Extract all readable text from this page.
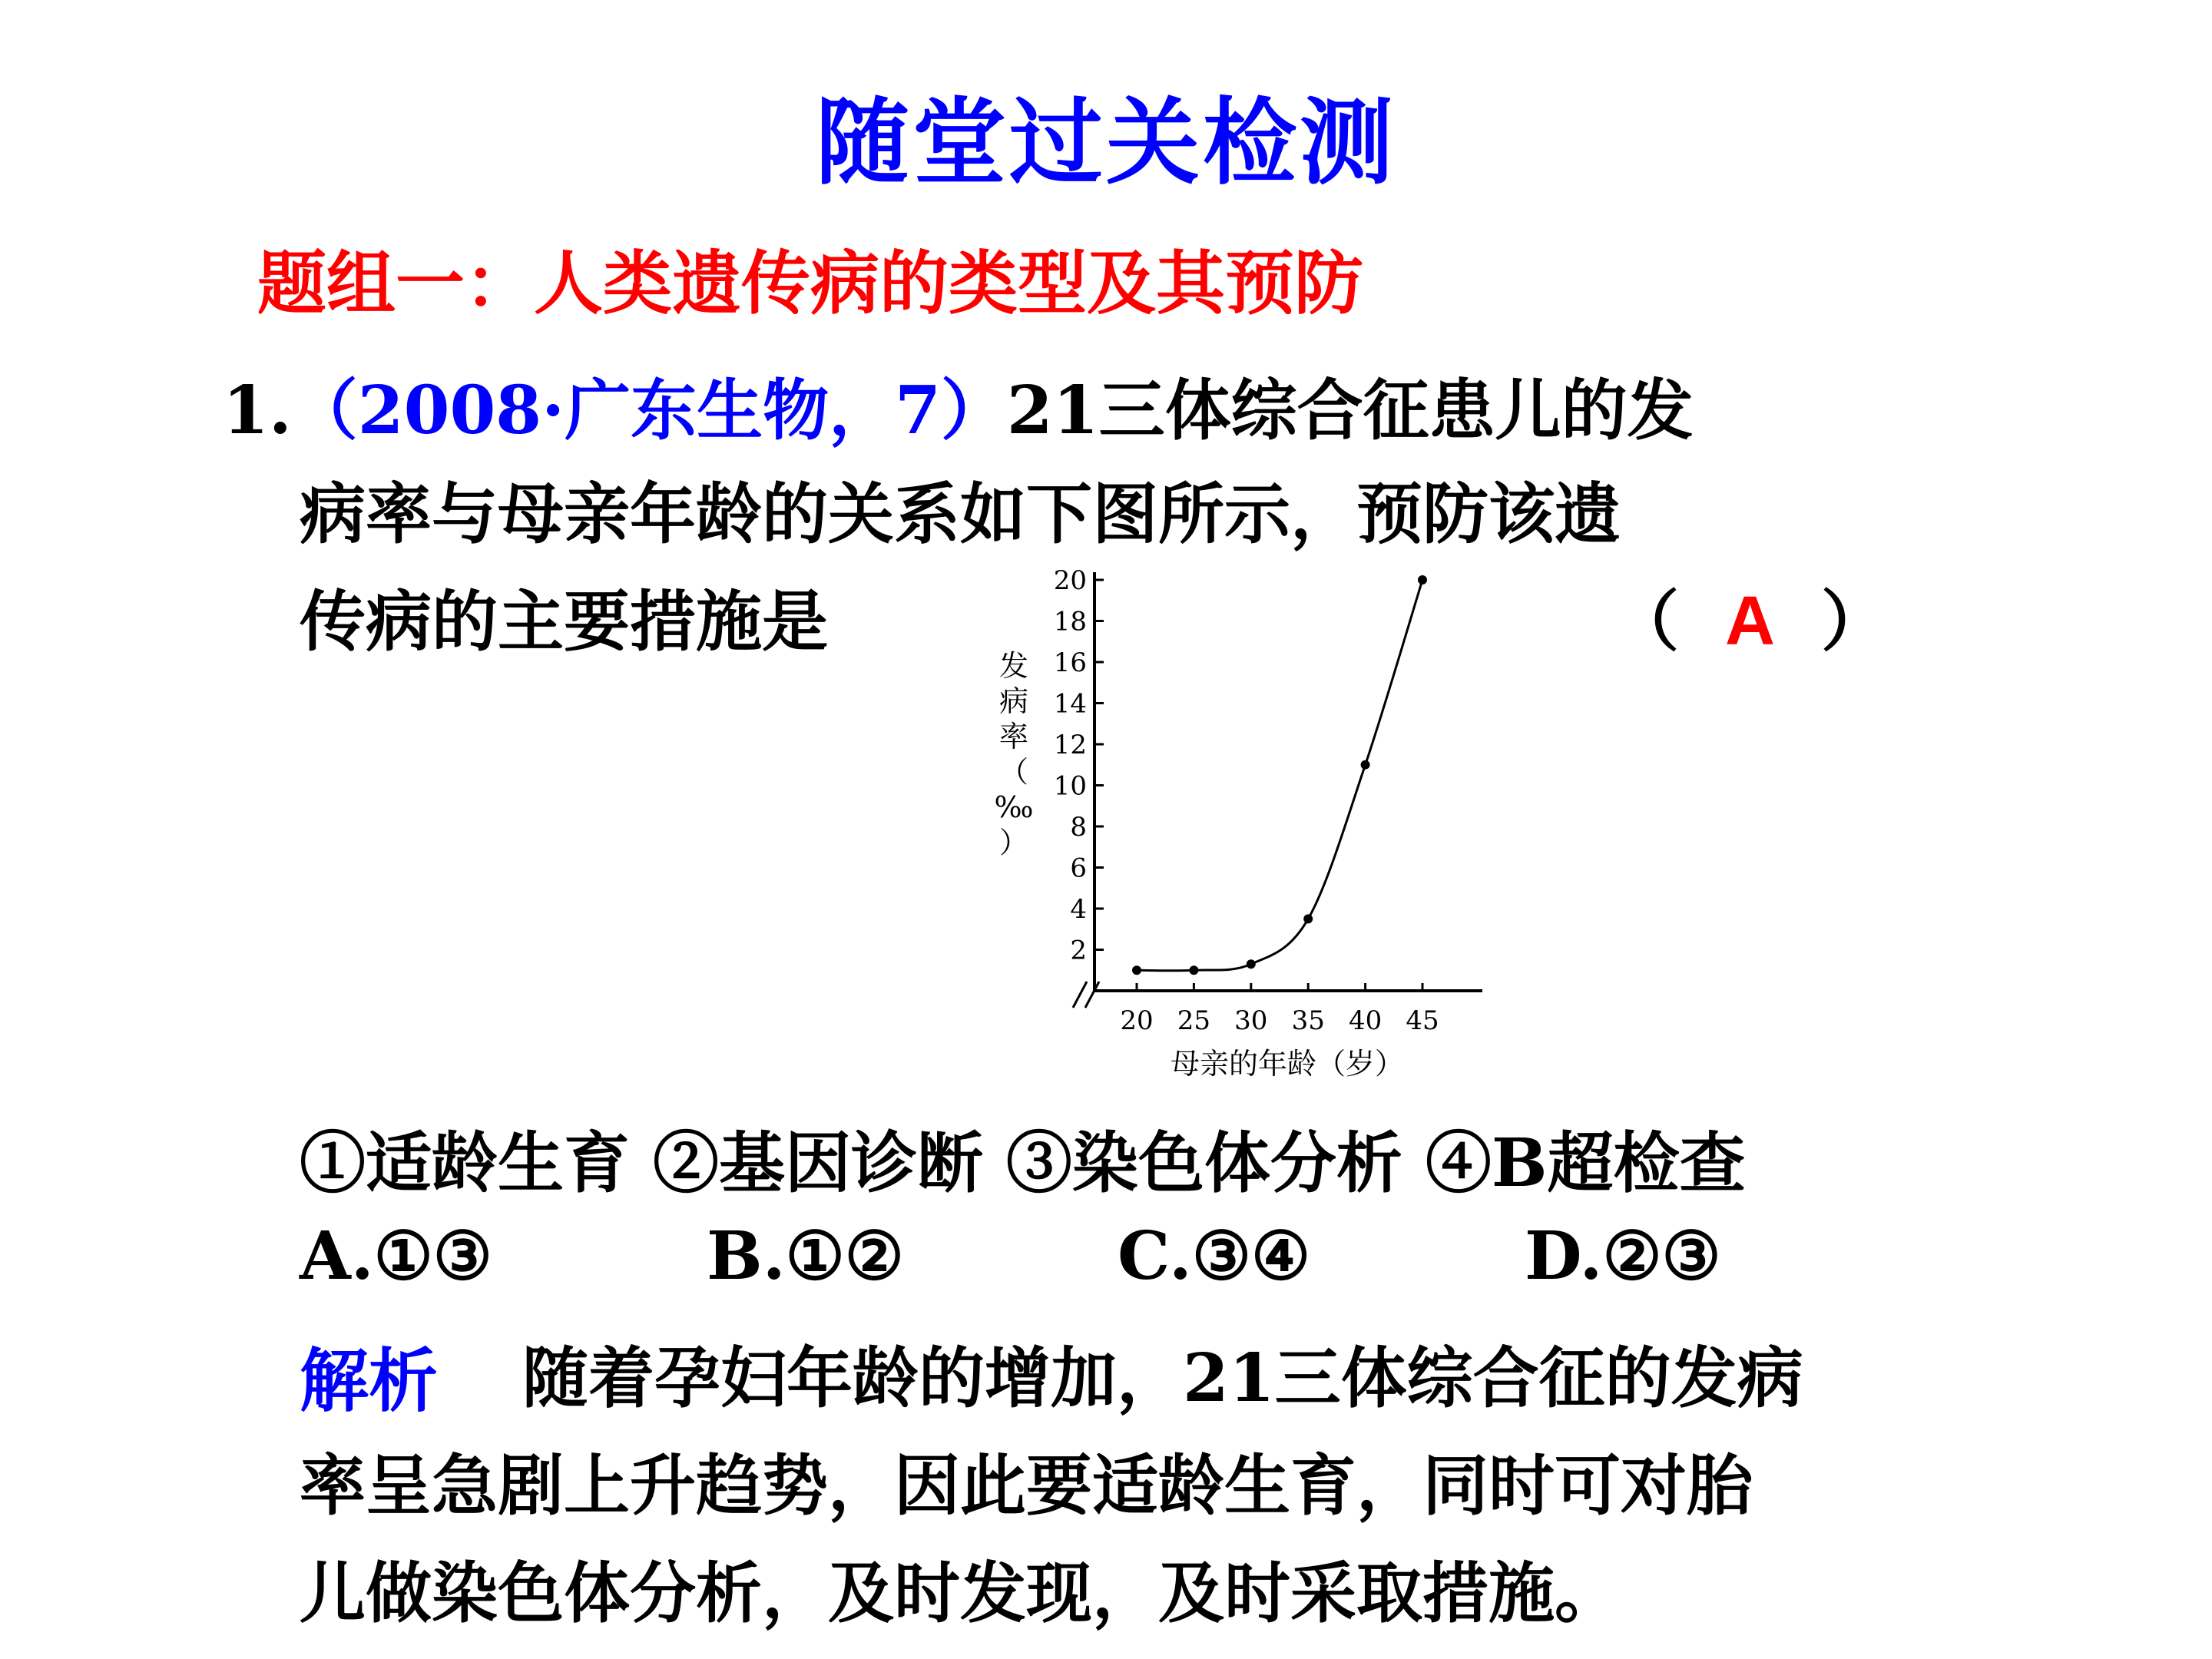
随堂过关检测
题组一：人类遗传病的类型及其预防
1.（2008·广东生物，7）21三体综合征患儿的发
病率与母亲年龄的关系如下图所示，预防该遗
传病的主要措施是	（ A ）
2
4
6
8
10
12
14
16
18
20
20 25 30 35 40 45
发
病
率
（
‰
）
母亲的年龄（岁）
①适龄生育 ②基因诊断 ③染色体分析 ④B超检查
A.①③	B.①②	C.③④	D.②③
解析 随着孕妇年龄的增加，21三体综合征的发病
率呈急剧上升趋势，因此要适龄生育，同时可对胎
儿做染色体分析，及时发现，及时采取措施。
